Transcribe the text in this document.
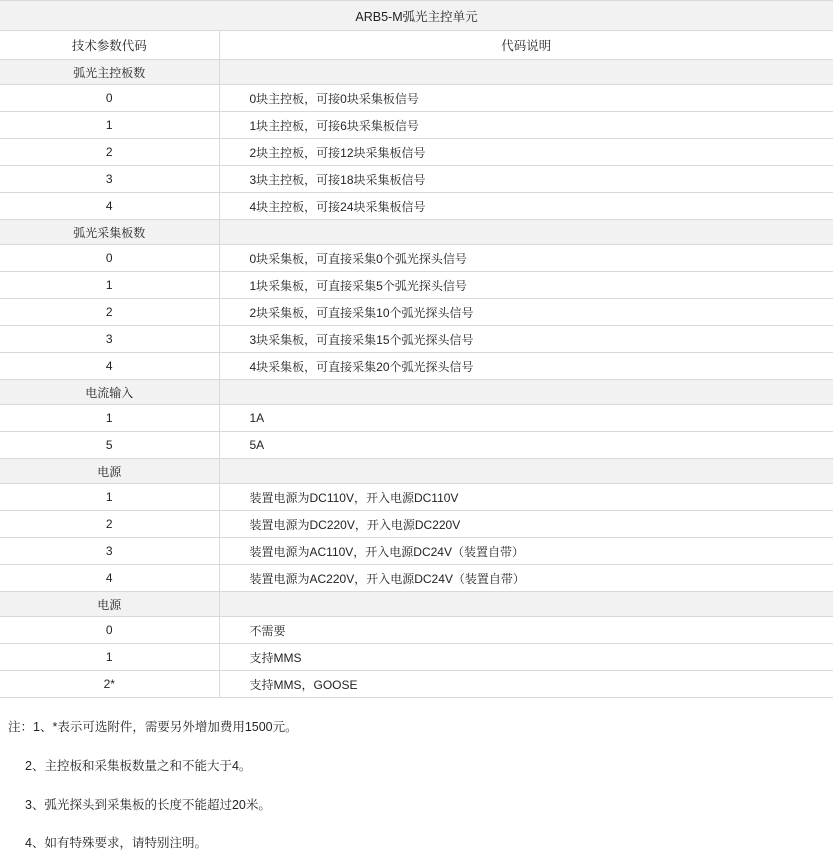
ARB5-M弧光主控单元	
技术参数代码	代码说明
弧光主控板数	
0	0块主控板，可接0块采集板信号
1	1块主控板，可接6块采集板信号
2	2块主控板，可接12块采集板信号
3	3块主控板，可接18块采集板信号
4	4块主控板，可接24块采集板信号
弧光采集板数	
0	0块采集板，可直接采集0个弧光探头信号
1	1块采集板，可直接采集5个弧光探头信号
2	2块采集板，可直接采集10个弧光探头信号
3	3块采集板，可直接采集15个弧光探头信号
4	4块采集板，可直接采集20个弧光探头信号
电流输入	
1	1A
5	5A
电源	
1	装置电源为DC110V，开入电源DC110V
2	装置电源为DC220V，开入电源DC220V
3	装置电源为AC110V，开入电源DC24V（装置自带）
4	装置电源为AC220V，开入电源DC24V（装置自带）
电源	
0	不需要
1	支持MMS
2*	支持MMS，GOOSE
注：1、*表示可选附件，需要另外增加费用1500元。
2、主控板和采集板数量之和不能大于4。
3、弧光探头到采集板的长度不能超过20米。
4、如有特殊要求，请特别注明。
